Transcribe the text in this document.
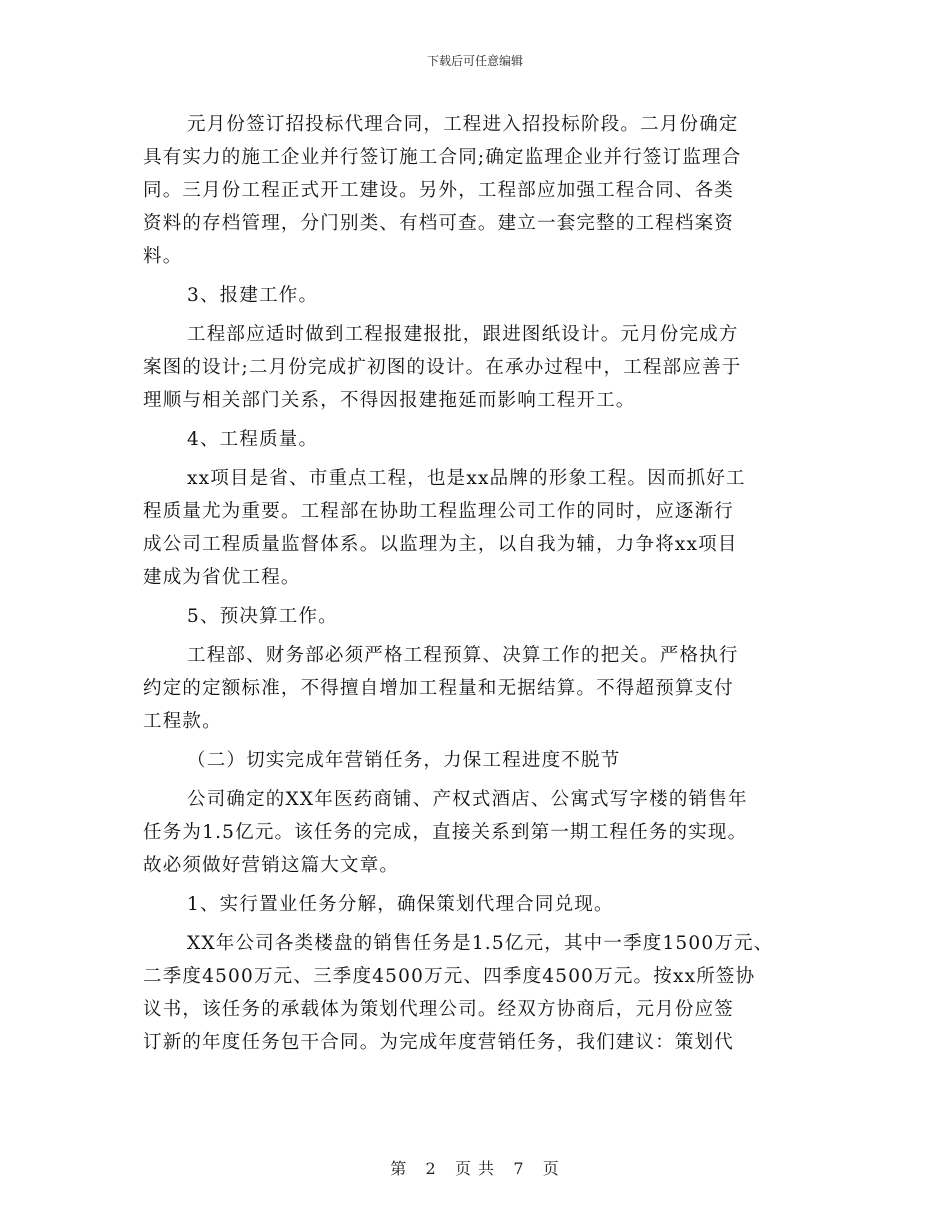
下载后可任意编辑
元月份签订招投标代理合同，工程进入招投标阶段。二月份确定
具有实力的施工企业并行签订施工合同;确定监理企业并行签订监理合
同。三月份工程正式开工建设。另外，工程部应加强工程合同、各类
资料的存档管理，分门别类、有档可查。建立一套完整的工程档案资
料。
3、报建工作。
工程部应适时做到工程报建报批，跟进图纸设计。元月份完成方
案图的设计;二月份完成扩初图的设计。在承办过程中，工程部应善于
理顺与相关部门关系，不得因报建拖延而影响工程开工。
4、工程质量。
xx项目是省、市重点工程，也是xx品牌的形象工程。因而抓好工
程质量尤为重要。工程部在协助工程监理公司工作的同时，应逐渐行
成公司工程质量监督体系。以监理为主，以自我为辅，力争将xx项目
建成为省优工程。
5、预决算工作。
工程部、财务部必须严格工程预算、决算工作的把关。严格执行
约定的定额标准，不得擅自增加工程量和无据结算。不得超预算支付
工程款。
（二）切实完成年营销任务，力保工程进度不脱节
公司确定的XX年医药商铺、产权式酒店、公寓式写字楼的销售年
任务为1.5亿元。该任务的完成，直接关系到第一期工程任务的实现。
故必须做好营销这篇大文章。
1、实行置业任务分解，确保策划代理合同兑现。
XX年公司各类楼盘的销售任务是1.5亿元，其中一季度1500万元、
二季度4500万元、三季度4500万元、四季度4500万元。按xx所签协
议书，该任务的承载体为策划代理公司。经双方协商后，元月份应签
订新的年度任务包干合同。为完成年度营销任务，我们建议：策划代
第 2 页 共 7 页
